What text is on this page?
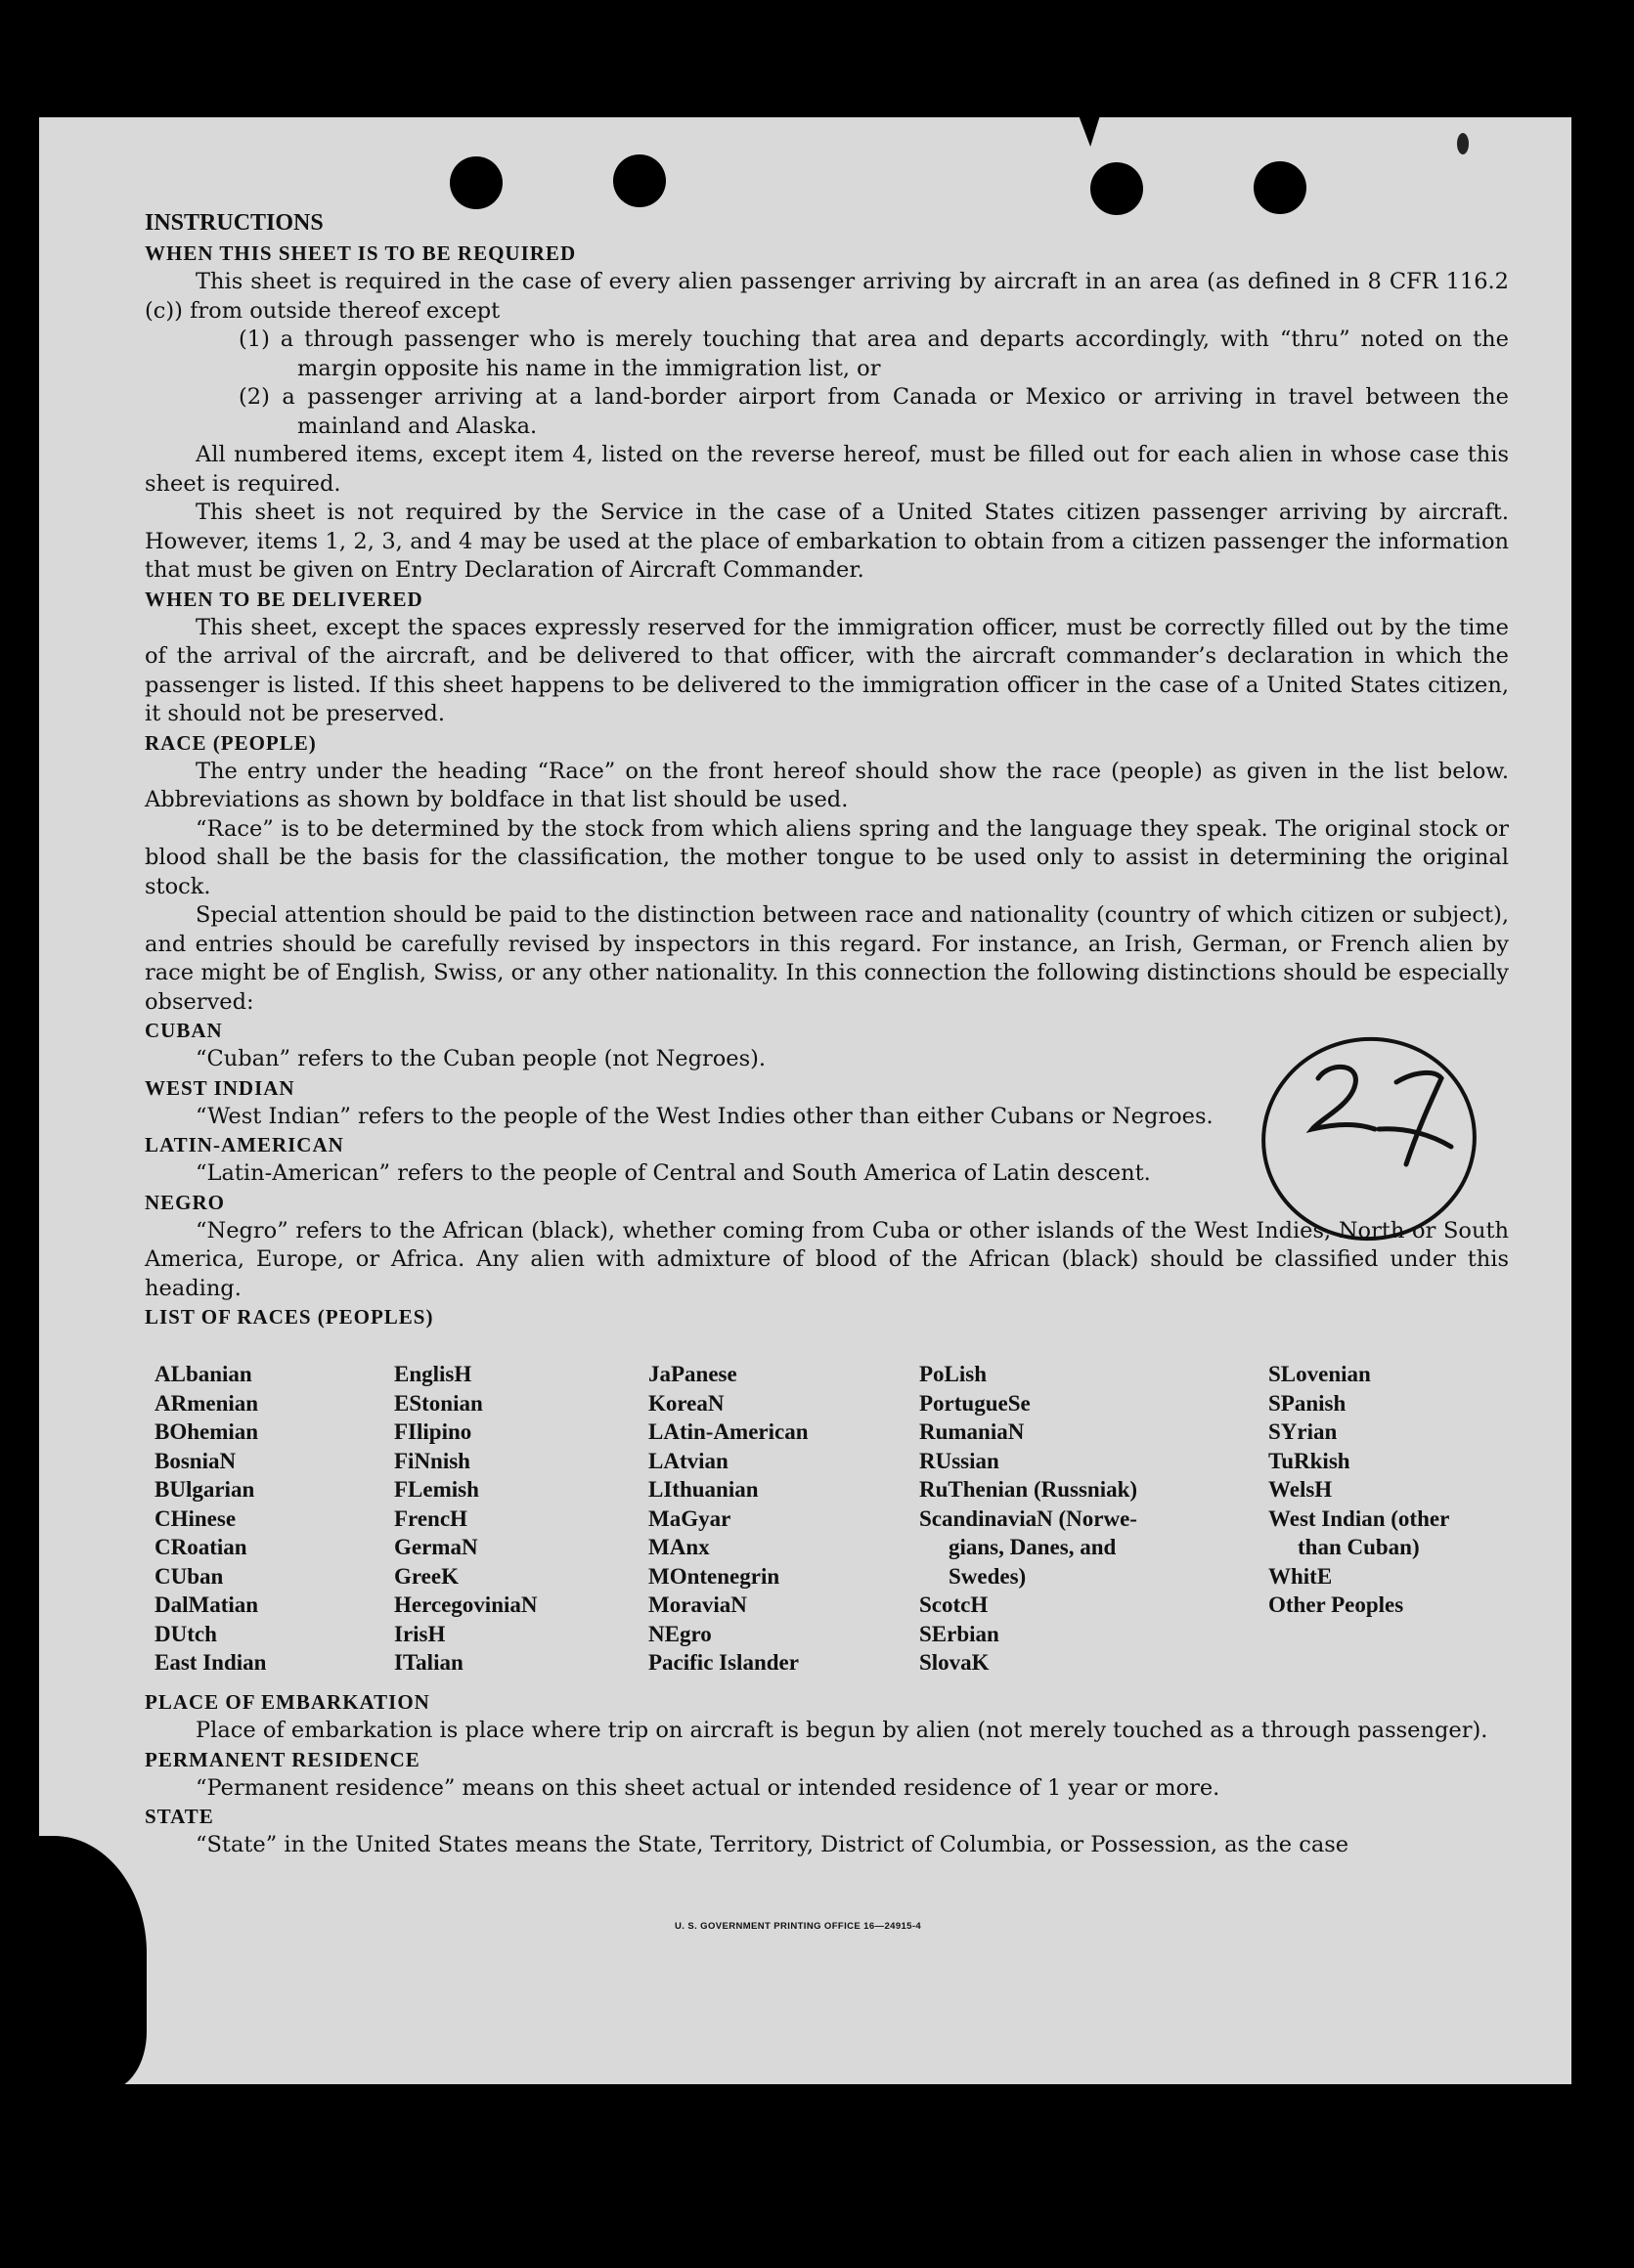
INSTRUCTIONS

WHEN THIS SHEET IS TO BE REQUIRED

This sheet is required in the case of every alien passenger arriving by aircraft in an area (as defined in 8 CFR 116.2 (c)) from outside thereof except

(1) a through passenger who is merely touching that area and departs accordingly, with “thru” noted on the margin opposite his name in the immigration list, or

(2) a passenger arriving at a land-border airport from Canada or Mexico or arriving in travel between the mainland and Alaska.

All numbered items, except item 4, listed on the reverse hereof, must be filled out for each alien in whose case this sheet is required.

This sheet is not required by the Service in the case of a United States citizen passenger arriving by aircraft. However, items 1, 2, 3, and 4 may be used at the place of embarkation to obtain from a citizen passenger the information that must be given on Entry Declaration of Aircraft Commander.

WHEN TO BE DELIVERED

This sheet, except the spaces expressly reserved for the immigration officer, must be correctly filled out by the time of the arrival of the aircraft, and be delivered to that officer, with the aircraft commander’s declaration in which the passenger is listed. If this sheet happens to be delivered to the immigration officer in the case of a United States citizen, it should not be preserved.

RACE (PEOPLE)

The entry under the heading “Race” on the front hereof should show the race (people) as given in the list below. Abbreviations as shown by boldface in that list should be used.

“Race” is to be determined by the stock from which aliens spring and the language they speak. The original stock or blood shall be the basis for the classification, the mother tongue to be used only to assist in determining the original stock.

Special attention should be paid to the distinction between race and nationality (country of which citizen or subject), and entries should be carefully revised by inspectors in this regard. For instance, an Irish, German, or French alien by race might be of English, Swiss, or any other nationality. In this connection the following distinctions should be especially observed:

CUBAN

“Cuban” refers to the Cuban people (not Negroes).

WEST INDIAN

“West Indian” refers to the people of the West Indies other than either Cubans or Negroes.

LATIN-AMERICAN

“Latin-American” refers to the people of Central and South America of Latin descent.

NEGRO

“Negro” refers to the African (black), whether coming from Cuba or other islands of the West Indies, North or South America, Europe, or Africa. Any alien with admixture of blood of the African (black) should be classified under this heading.

LIST OF RACES (PEOPLES)

ALbanian
ARmenian
BOhemian
BosniaN
BUlgarian
CHinese
CRoatian
CUban
DalMatian
DUtch
East Indian
EnglisH
EStonian
FIlipino
FiNnish
FLemish
FrencH
GermaN
GreeK
HercegoviniaN
IrisH
ITalian
JaPanese
KoreaN
LAtin-American
LAtvian
LIthuanian
MaGyar
MAnx
MOntenegrin
MoraviaN
NEgro
Pacific Islander
PoLish
PortugueSe
RumaniaN
RUssian
RuThenian (Russniak)
ScandinaviaN (Norwe-
gians, Danes, and
Swedes)
ScotcH
SErbian
SlovaK
SLovenian
SPanish
SYrian
TuRkish
WelsH
West Indian (other
than Cuban)
WhitE
Other Peoples

PLACE OF EMBARKATION

Place of embarkation is place where trip on aircraft is begun by alien (not merely touched as a through passenger).

PERMANENT RESIDENCE

“Permanent residence” means on this sheet actual or intended residence of 1 year or more.

STATE

“State” in the United States means the State, Territory, District of Columbia, or Possession, as the case

U. S. GOVERNMENT PRINTING OFFICE 16—24915-4
